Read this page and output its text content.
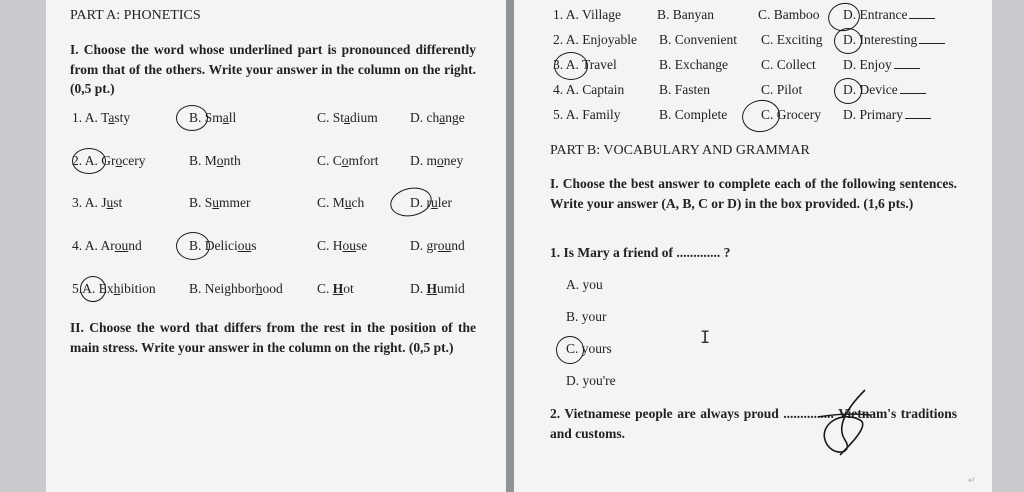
PART A: PHONETICS
I. Choose the word whose underlined part is pronounced differently from that of the others. Write your answer in the column on the right. (0,5 pt.)
1. A. Tasty	B. Small	C. Stadium D. change
2. A. Grocery	B. Month	C. Comfort D. money
3. A. Just	B. Summer	C. Much	D. ruler
4. A. Around	B. Delicious	C. House	D. ground
5.A. Exhibition B. Neighborhood	C. Hot	D. Humid
II. Choose the word that differs from the rest in the position of the main stress. Write your answer in the column on the right. (0,5 pt.)
1. A. Village	B. Banyan	C. Bamboo D. Entrance
2. A. Enjoyable B. Convenient C. Exciting D. Interesting
3. A. Travel	B. Exchange C. Collect D. Enjoy
4. A. Captain	B. Fasten	C. Pilot	D. Device
5. A. Family	B. Complete	C. Grocery D. Primary
PART B: VOCABULARY AND GRAMMAR
I. Choose the best answer to complete each of the following sentences. Write your answer (A, B, C or D) in the box provided. (1,6 pts.)
1. Is Mary a friend of ............. ?
A. you
B. your
C. yours
D. you're
2. Vietnamese people are always proud ............... Vietnam's traditions and customs.
I
↵
